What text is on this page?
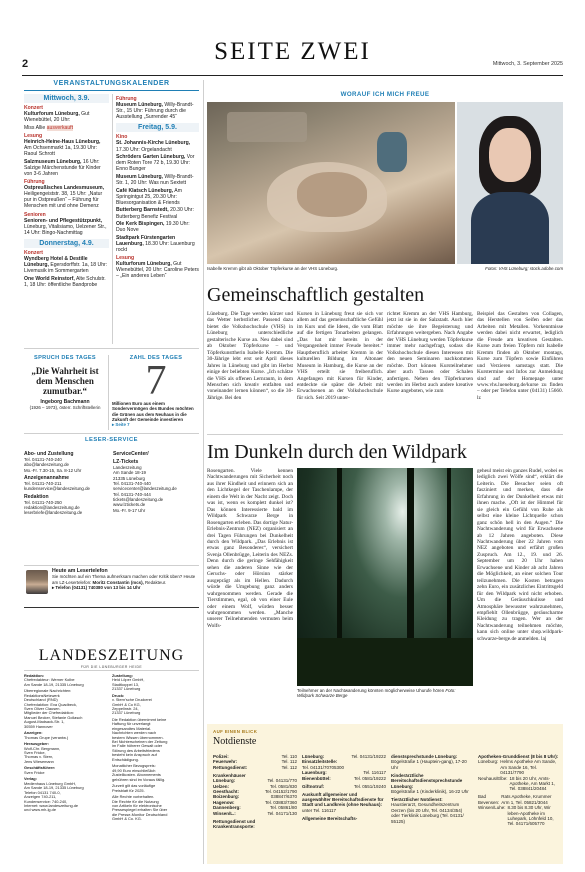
SEITE ZWEI
2	Mittwoch, 3. September 2025
VERANSTALTUNGSKALENDER
Mittwoch, 3.9.
Konzert
Kulturforum Lüneburg, Gut Wienebüttel, 20 Uhr:
Miss Allie ausverkauft
Lesung
Heinrich-Heine-Haus Lüneburg, Am Ochsenmarkt 1a, 19.30 Uhr: Raoul Schrott
Salzmuseum Lüneburg, 16 Uhr: Salzige Märchenstunde für Kinder von 3-6 Jahren
Führung
Ostpreußisches Landesmuseum, Heiligengeiststr. 38, 15 Uhr: „Natur pur in Ostpreußen“ – Führung für Menschen mit und ohne Demenz
Senioren
Senioren- und Pflegestützpunkt, Lüneburg, Vitalisiamo, Uelzener Str., 14 Uhr: Bingo-Nachmittag
Donnerstag, 4.9.
Konzert
Wyndberg Hotel & Destille Lüneburg, Egersdorffstr. 1a, 18 Uhr: Livemusik im Sommergarten
One World Reinstorf, Alte Schulstr. 1, 18 Uhr: öffentliche Bandprobe
Führung
Museum Lüneburg, Willy-Brandt-Str., 15 Uhr: Führung durch die Ausstellung „Surrender 45“
Freitag, 5.9.
Kino
St. Johannis-Kirche Lüneburg, 17.30 Uhr: Orgelandacht
Schröders Garten Lüneburg, Vor dem Roten Tore 72 b, 19.30 Uhr: Enno Bunger
Museum Lüneburg, Willy-Brandt-Str. 1, 20 Uhr: Was nun Sextett
Café Klatsch Lüneburg, Am Springintgut 25, 20.30 Uhr: Bluesorganisation & Friends
Butterberg Barnstedt, 20.30 Uhr: Butterberg Benefiz Festival
Ole Kerk Bispingen, 19.30 Uhr: Duo Nove
Stadtpark Fürstengarten Lauenburg, 18.30 Uhr: Lauenburg rockt
Lesung
Kulturforum Lüneburg, Gut Wienebüttel, 20 Uhr: Caroline Peters – „Ein anderes Leben“
SPRUCH DES TAGES
„Die Wahrheit ist dem Menschen zumutbar.“
Ingeborg Bachmann
(1926 – 1973), österr. Schriftstellerin
ZAHL DES TAGES
7
Millionen Euro aus einem Sondervermögen des Bundes möchten die Grünen aus dem Neuhaus in die Zukunft der Gemeinde investieren
▸ Seite 7
LESER-SERVICE
Abo- und Zustellung
Tel. 04131-740-240
abo@landeszeitung.de
Mo.-Fr. 7.30-15, Sa. 8-12 Uhr
Anzeigenannahme
Tel. 04131-740-211
kundenservice@landeszeitung.de
Redaktion
Tel. 04131-740-250
redaktion@landeszeitung.de
leserbriefe@landeszeitung.de
ServiceCenter/
LZ-Tickets
Landeszeitung
Am Sande 18-19
21335 Lüneburg
Tel. 04131-740-440
servicecenter@landeszeitung.de
Tel. 04131-740-444
tickets@landeszeitung.de
www.lztickets.de
Mo.-Fr. 9-17 Uhr
Heute am Lesertelefon
Sie möchten auf ein Thema aufmerksam machen oder Kritik üben? Heute am LZ-Lesertelefon: Moritz Constantin (mcs), Redakteur.
▸ Telefon (04131) 740380 von 13 bis 14 Uhr
LANDESZEITUNG
FÜR DIE LÜNEBURGER HEIDE
Redaktion:
Chefredakteur: Werner Kolbe
Am Sande 18-19, 21335 Lüneburg
Überregionale Nachrichten:
RedaktionsNetzwerk
Deutschland (RND)
Chefredaktion: Eva Quadbeck,
Sven Oliver Clausen.
Mitglieder der Chefredaktion:
Manuel Becker, Stefanie Gollasch
August-Madsack-Str. 1,
30559 Hannover
Anzeigen:
Thomas Grupe (verantw.)
Herausgeber:
Wolf-Chr. Bergmann,
Sven Fricke,
Thomas v. Stern,
Jens Wiesemann
Geschäftsführer:
Sven Fricke
Verlag:
Medienhaus Lüneburg GmbH,
Am Sande 18-19, 21335 Lüneburg
Telefon 04131 740-0,
Anzeigen 740-211,
Kundenservice: 740-240,
Internet: www.landeszeitung.de
und www.mh-lg.de
Zustellung:
Heid Löper GmbH,
Stadtkoppel 13,
21337 Lüneburg
Druck:
v. Stern’sche Druckerei
GmbH & Co KG,
Zeppelinstr. 24,
21337 Lüneburg
Die Redaktion übernimmt keine
Haftung für unverlangt
eingesandtes Material.
Nachrichten werden nach
bestem Wissen übernommen.
Bei Nichterscheinen der Zeitung
im Falle höherer Gewalt oder
Störung des Arbeitsfriedens
besteht kein Anspruch auf
Entschädigung.
Monatlicher Bezugspreis:
49,90 Euro einschließlich
Zustellkosten. Abonnements
gebühren sind im Voraus fällig.
Zurzeit gilt das vorläufige
Preisblatt für 2025.
Alle Rechte vorbehalten.
Die Rechte für die Nutzung
von Artikeln für elektronische
Pressespiegel erhalten Sie über
die Presse-Monitor Deutschland
GmbH & Co. KG.
WORAUF ICH MICH FREUE
Isabelle Kremm gibt ab Oktober Töpferkurse an der VHS Lüneburg.	Fotos: VHS Lüneburg; stock.adobe.com
Gemeinschaftlich gestalten

Lüneburg. Die Tage werden kürzer und das Wetter herbstlicher. Passend dazu bietet die Volkshochschule (VHS) in Lüneburg unterschiedliche gestalterische Kurse an. Neu dabei sind ab Oktober Töpferkurse – und Töpferkunsttherin Isabelle Kremm. Die 30-Jährige lebt erst seit April dieses Jahres in Lüneburg und gibt im Herbst einige der beliebten Kurse. „Ich schätze die VHS als offenen Lernraum, in dem Menschen sich kreativ entfalten und voneinander lernen können“, so die 30-Jährige. Bei den

Kursen in Lüneburg freut sie sich vor allem auf das gemeinschaftliche Gefühl im Kurs und die Ideen, die vom Blatt auf die fertigen Tonarbeiten gelangen. „Das hat mir bereits in der Vergangenheit immer Freude bereitet.“ Hauptberuflich arbeitet Kremm in der kulturellen Bildung im Altonaer Museum in Hamburg, die Kurse an der VHS erteilt sie freiberuflich. Angefangen mit Kursen für Kinder, entdeckte sie später die Arbeit mit Erwachsenen an der Volkshochschule für sich. Seit 2019 unter-

richtet Kremm an der VHS Hamburg, jetzt ist sie in der Salzstadt. Auch hier möchte sie ihre Begeisterung und Erfahrungen weitergeben. Nach Angabe der VHS Lüneburg werden Töpferkurse immer mehr nachgefragt, sodass die Volkshochschule diesen Interessen mit den neuen Seminaren nachkommen möchte. Dort können Kursteilnehmer aber auch Tassen oder Schalen anfertigen. Neben den Töpferkursen werden im Herbst auch andere kreative Kurse angeboten, wie zum

Beispiel das Gestalten von Collagen, das Herstellen von Seifen oder das Arbeiten mit Metallen. Vorkenntnisse werden dabei nicht erwartet, lediglich die Freude am kreativen Gestalten. Kurse zum freien Töpfern mit Isabelle Kremm finden ab Oktober montags, Kurse zum Töpfern sowie Einführen und Verzieren samstags statt. Die Kurstermine und Infos zur Anmeldung sind auf der Homepage unter www.vhs.lueneburg.de/kurse zu finden – oder per Telefon unter (04131) 15660. lz

Im Dunkeln durch den Wildpark

Rosengarten. Viele kennen Nachtwanderungen mit Sicherheit noch aus ihrer Kindheit und erinnern sich an den Lichtkegel der Taschenlampe, der einem die Welt in der Nacht zeigt. Doch was ist, wenn es komplett dunkel ist? Das können Interessierte bald im Wildpark Schwarze Berge in Rosengarten erleben. Das dortige Natur-Erlebnis-Zentrum (NEZ) organisiert an drei Tagen Führungen bei Dunkelheit durch den Wildpark. „Das Erlebnis ist etwas ganz Besonderes“, versichert Svenja Ollenbrügge, Leiterin des NEZs. Denn durch die geringe Sehfähigkeit sehen die anderen Sinne wie der Geruchs- oder Hörsinn stärker ausgeprägt als im Hellen. Dadurch würde die Umgebung ganz anders wahrgenommen werden. Gerade die Tierstimmen, egal, ob von einer Eule oder einem Wolf, würden besser wahrgenommen werden. „Manche unserer Teilnehmenden vermuten beim Wolfs-

Teilnehmer an der Nachtwanderung könnten möglicherweise Uhurufe hören Foto: Wildpark Schwarze Berge

geheul meist ein ganzes Rudel, wobei es lediglich zwei Wölfe sind“, erklärt die Leiterin. Die Besucher seien oft fasziniert und merken, dass die Erfahrung in der Dunkelheit etwas mit ihnen mache. „Oft ist der Himmel für sie gleich ein Gefühl von Ruhe als selbst eine kleine Lichtquelle schon ganz schön hell in den Augen.“ Die Nachtwanderung wird für Erwachsene ab 12 Jahren angeboten. Diese Nachtwanderung über 22 Jahren vom NEZ angeboten und erfährt großen Zuspruch. Am 12., 19. und 26. September um 20 Uhr haben Erwachsene und Kinder ab acht Jahren die Möglichkeit, an einer solchen Tour teilzunehmen. Die Kosten betragen zehn Euro, ein zusätzliches Eintrittsgeld für den Wildpark wird nicht erhoben. Um die Geräuschkulisse und Atmosphäre bewusster wahrzunehmen, empfiehlt Ollenbrügge, geräuscharme Kleidung zu tragen. Wer an der Nachtwanderung teilnehmen möchte, kann sich online unter shop.wildpark-schwarze-berge.de anmelden. laj

AUF EINEN BLICK
Notdienste
Polizei:	Tel. 110
Feuerwehr:	Tel. 112
Rettungsdienst:	Tel. 112
Krankenhäuser
Lüneburg:	Tel. 04131/770
Uelzen:	Tel. 0581/830
Geesthacht:	Tel. 04152/1790
Boizenburg:	038847/6370
Hagenow:	Tel. 03883/7360
Dannenberg:	Tel. 05861/80
Winsen/L.:	Tel. 04171/130
Rettungsdienst und
Krankentransporte:
Lüneburg:	Tel. 04131/19222
Einsatzleitstelle:
Tel. 04131/70705300
Lauenburg:	Tel. 116117
Bienenbüttel:	Tel. 0581/19222
Giftnotruf:	Tel. 0551/19240
Auskunft allgemeiner und ausgewählter Bereitschaftsdienste für Stadt und Landkreis (ohne Neuhaus):
unter Tel. 116117
Allgemeine Bereitschafts-
dienstsprechstunde Lüneburg:
Bögelstraße 1 (Hauptein-gang), 17-20 Uhr
Kinderärztliche Bereitschaftsdienstsprechstunde Lüneburg:
Bögelstraße 1 (Kinderklinik), 16-22 Uhr
Tierärztlicher Notdienst:
Haustierarzt, Gesundheitszentrum Oerzen (bis 20 Uhr, Tel. 04134/354)
oder Tierklinik Lüneburg (Tel. 04131/ 55125)
Apotheken-Grunddienst (8 bis 8 Uhr):
Lüneburg: Helms Apotheke Am Sande, Am Sande 16, Tel. 04131/7790
Neuhaus/Elbe: 18 bis 20 Uhr, Amts-Apotheke, Am Markt 1, Tel. 038841/20484
Bad Bevensen:
Rats Apotheke, Krummer Arm 1, Tel. 05821/3044
Winsen/Luhe: 8.30 bis 8.30 Uhr, Wir leben-Apotheke im Luhepark, Löhnfeld 10, Tel. 04171/605770
